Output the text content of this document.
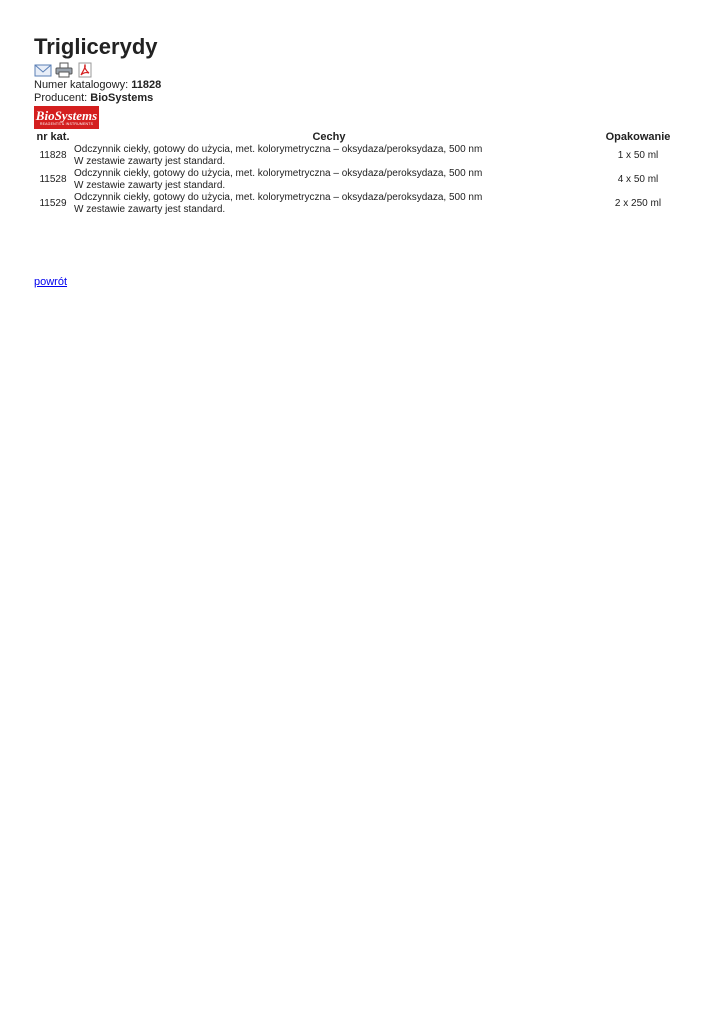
Triglicerydy
Numer katalogowy: 11828
Producent: BioSystems
BioSystems
REAGENTS & INSTRUMENTS
nr kat.	Cechy	Opakowanie
11828	Odczynnik ciekły, gotowy do użycia, met. kolorymetryczna – oksydaza/peroksydaza, 500 nm
W zestawie zawarty jest standard.	1 x 50 ml
11528	Odczynnik ciekły, gotowy do użycia, met. kolorymetryczna – oksydaza/peroksydaza, 500 nm
W zestawie zawarty jest standard.	4 x 50 ml
11529	Odczynnik ciekły, gotowy do użycia, met. kolorymetryczna – oksydaza/peroksydaza, 500 nm
W zestawie zawarty jest standard.	2 x 250 ml
powrót
